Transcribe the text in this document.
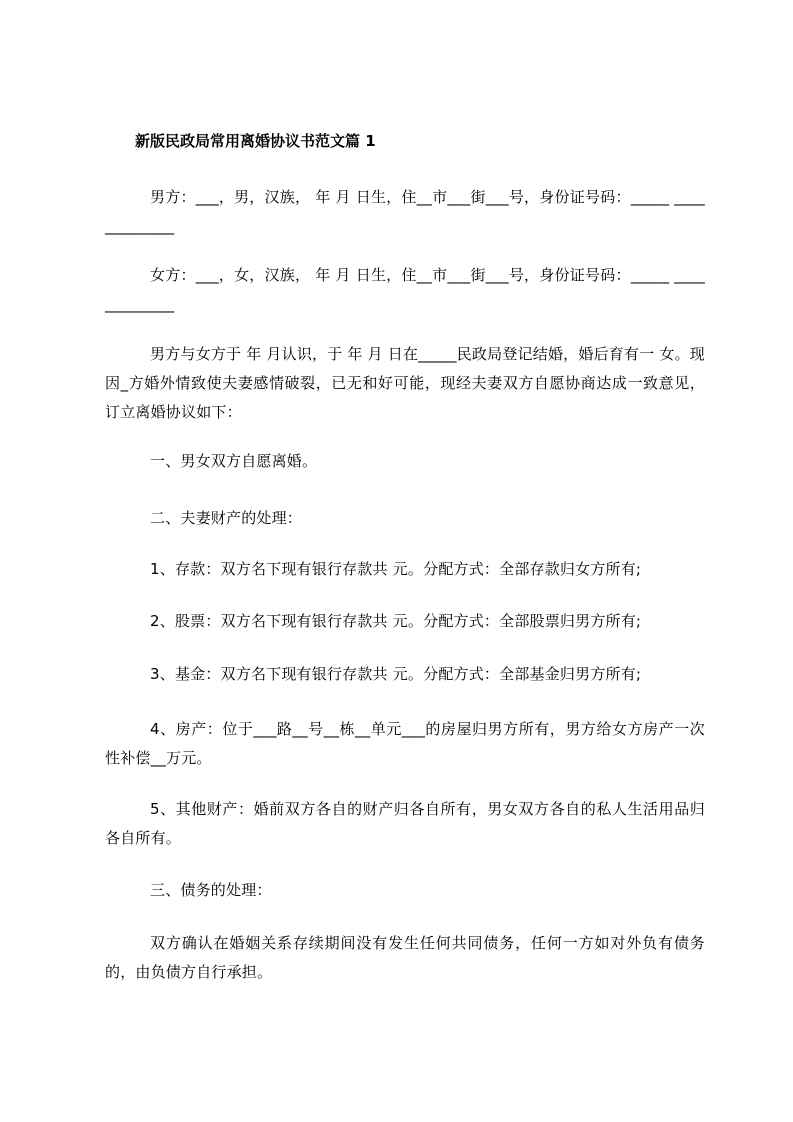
新版民政局常用离婚协议书范文篇 1
男方：___，男，汉族， 年 月 日生，住__市___街___号，身份证号码：_____ _____________
女方：___，女，汉族， 年 月 日生，住__市___街___号，身份证号码：_____ _____________
男方与女方于 年 月认识，于 年 月 日在_____民政局登记结婚，婚后育有一 女。现因_方婚外情致使夫妻感情破裂，已无和好可能，现经夫妻双方自愿协商达成一致意见，订立离婚协议如下：
一、男女双方自愿离婚。
二、夫妻财产的处理：
1、存款：双方名下现有银行存款共 元。分配方式：全部存款归女方所有;
2、股票：双方名下现有银行存款共 元。分配方式：全部股票归男方所有;
3、基金：双方名下现有银行存款共 元。分配方式：全部基金归男方所有;
4、房产：位于___路__号__栋__单元___的房屋归男方所有，男方给女方房产一次性补偿__万元。
5、其他财产：婚前双方各自的财产归各自所有，男女双方各自的私人生活用品归各自所有。
三、债务的处理：
双方确认在婚姻关系存续期间没有发生任何共同债务，任何一方如对外负有债务的，由负债方自行承担。
